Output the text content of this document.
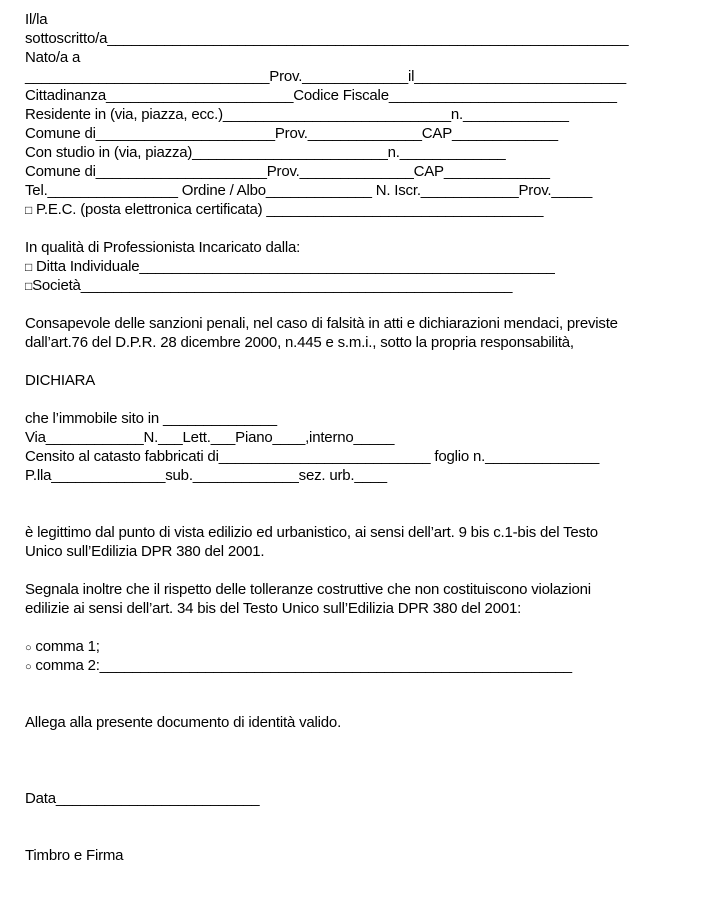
Il/la
sottoscritto/a________________________________________________________________
Nato/a a
______________________________Prov._____________il__________________________
Cittadinanza_______________________Codice Fiscale____________________________
Residente in (via, piazza, ecc.)____________________________n._____________
Comune di______________________Prov.______________CAP_____________
Con studio in (via, piazza)________________________n._____________
Comune di_____________________Prov.______________CAP_____________
Tel.________________ Ordine / Albo_____________ N. Iscr.____________Prov._____
□ P.E.C. (posta elettronica certificata) __________________________________
In qualità di Professionista Incaricato dalla:
□ Ditta Individuale___________________________________________________
□Società_____________________________________________________
Consapevole delle sanzioni penali, nel caso di falsità in atti e dichiarazioni mendaci, previste
dall’art.76 del D.P.R. 28 dicembre 2000, n.445 e s.m.i., sotto la propria responsabilità,
DICHIARA
che l’immobile sito in ______________
Via____________N.___Lett.___Piano____,interno_____
Censito al catasto fabbricati di__________________________ foglio n.______________
P.lla______________sub._____________sez. urb.____
è legittimo dal punto di vista edilizio ed urbanistico, ai sensi dell’art. 9 bis c.1-bis del Testo
Unico sull’Edilizia DPR 380 del 2001.
Segnala inoltre che il rispetto delle tolleranze costruttive che non costituiscono violazioni
edilizie ai sensi dell’art. 34 bis del Testo Unico sull’Edilizia DPR 380 del 2001:
○ comma 1;
○ comma 2:__________________________________________________________
Allega alla presente documento di identità valido.
Data_________________________
Timbro e Firma
